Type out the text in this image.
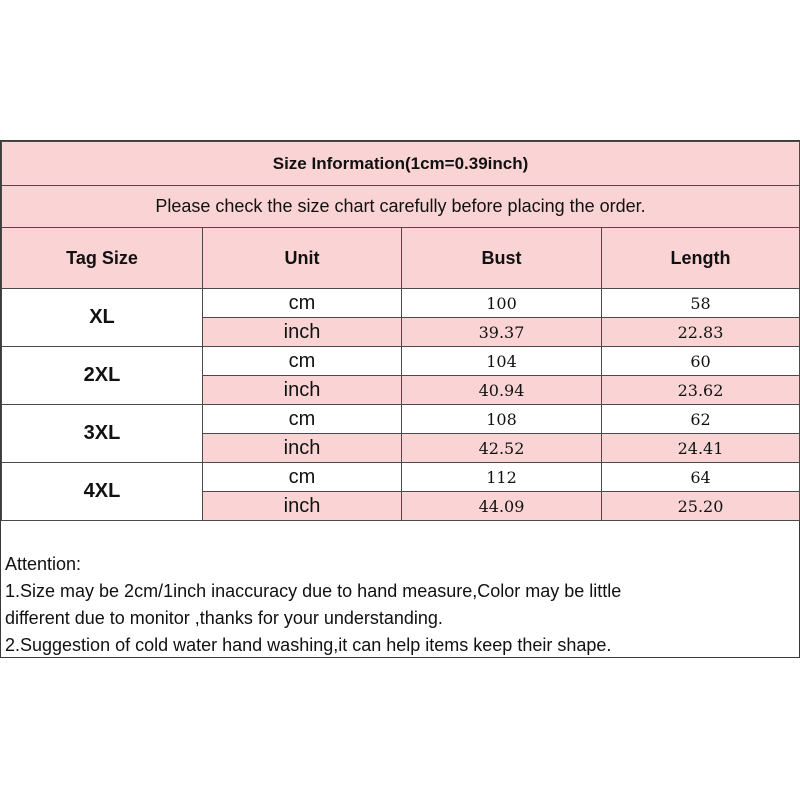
Size Information(1cm=0.39inch)			
Please check the size chart carefully before placing the order.			
Tag Size	Unit	Bust	Length
XL	cm	100	58
	inch	39.37	22.83
2XL	cm	104	60
	inch	40.94	23.62
3XL	cm	108	62
	inch	42.52	24.41
4XL	cm	112	64
	inch	44.09	25.20
Attention:
1.Size may be 2cm/1inch inaccuracy due to hand measure,Color may be little
different due to monitor ,thanks for your understanding.
2.Suggestion of cold water hand washing,it can help items keep their shape.
